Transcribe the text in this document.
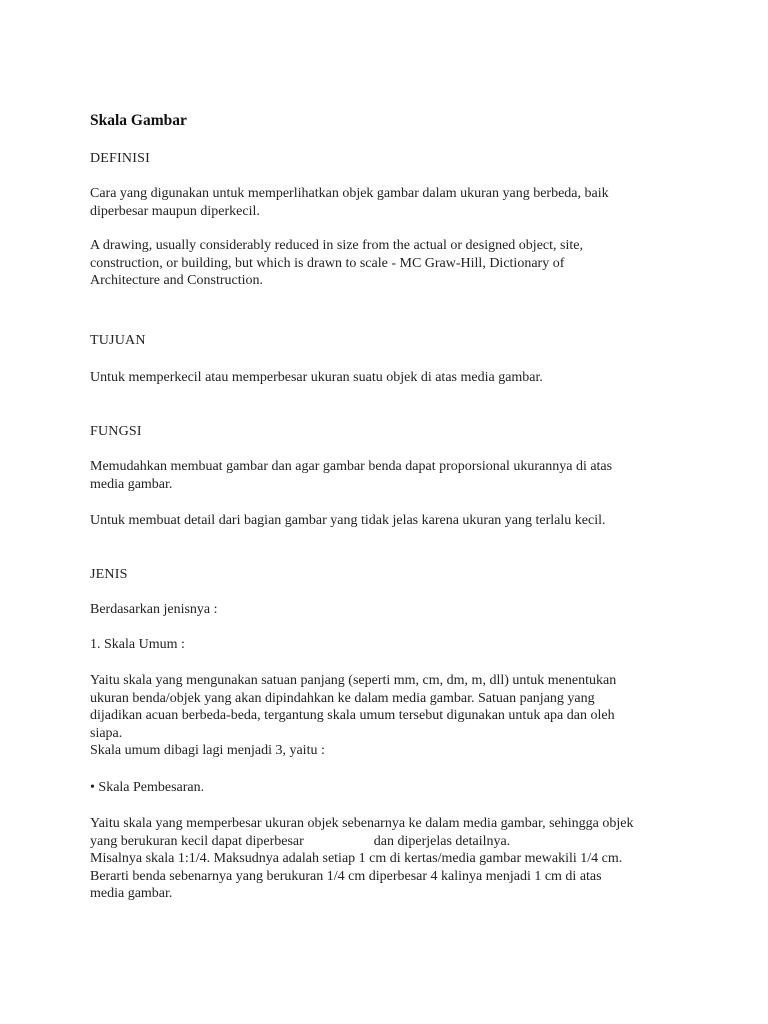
Skala Gambar

DEFINISI

Cara yang digunakan untuk memperlihatkan objek gambar dalam ukuran yang berbeda, baik
diperbesar maupun diperkecil.

A drawing, usually considerably reduced in size from the actual or designed object, site,
construction, or building, but which is drawn to scale - MC Graw-Hill, Dictionary of
Architecture and Construction.

TUJUAN

Untuk memperkecil atau memperbesar ukuran suatu objek di atas media gambar.

FUNGSI

Memudahkan membuat gambar dan agar gambar benda dapat proporsional ukurannya di atas
media gambar.

Untuk membuat detail dari bagian gambar yang tidak jelas karena ukuran yang terlalu kecil.

JENIS

Berdasarkan jenisnya :

1. Skala Umum :

Yaitu skala yang mengunakan satuan panjang (seperti mm, cm, dm, m, dll) untuk menentukan
ukuran benda/objek yang akan dipindahkan ke dalam media gambar. Satuan panjang yang
dijadikan acuan berbeda-beda, tergantung skala umum tersebut digunakan untuk apa dan oleh
siapa.
Skala umum dibagi lagi menjadi 3, yaitu :

• Skala Pembesaran.

Yaitu skala yang memperbesar ukuran objek sebenarnya ke dalam media gambar, sehingga objek
yang berukuran kecil dapat diperbesar	dan diperjelas detailnya.
Misalnya skala 1:1/4. Maksudnya adalah setiap 1 cm di kertas/media gambar mewakili 1/4 cm.
Berarti benda sebenarnya yang berukuran 1/4 cm diperbesar 4 kalinya menjadi 1 cm di atas
media gambar.
